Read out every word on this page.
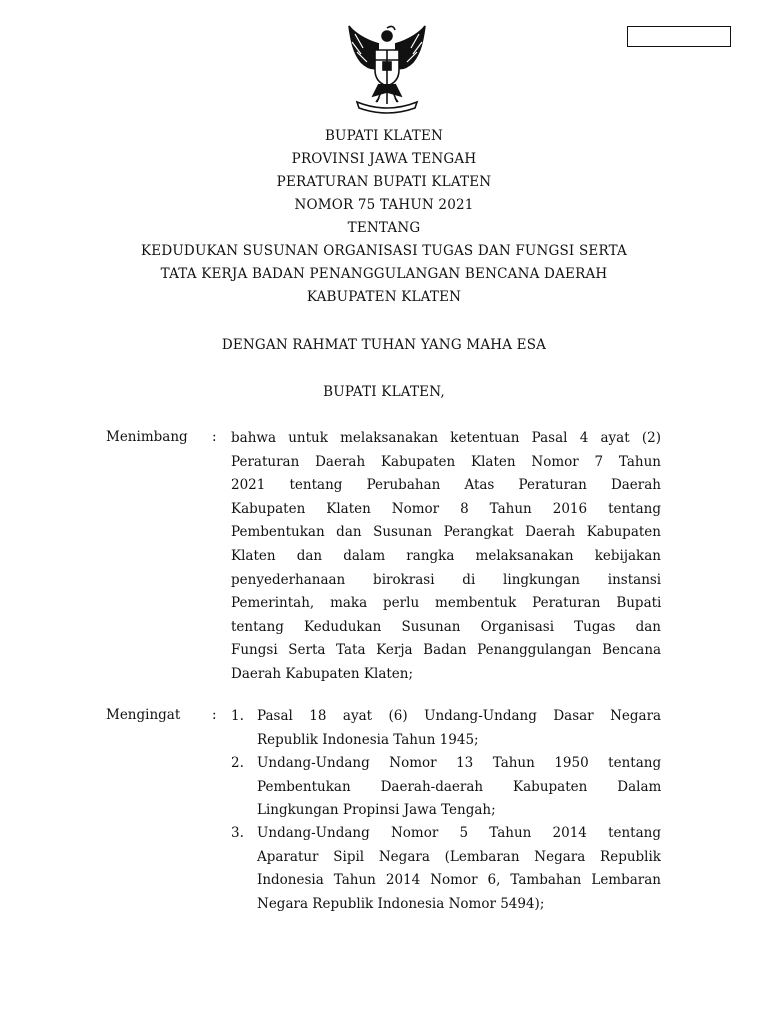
BUPATI KLATEN
PROVINSI JAWA TENGAH
PERATURAN BUPATI KLATEN
NOMOR 75 TAHUN 2021
TENTANG
KEDUDUKAN SUSUNAN ORGANISASI TUGAS DAN FUNGSI SERTA
TATA KERJA BADAN PENANGGULANGAN BENCANA DAERAH
KABUPATEN KLATEN
DENGAN RAHMAT TUHAN YANG MAHA ESA
BUPATI KLATEN,
Menimbang : bahwa untuk melaksanakan ketentuan Pasal 4 ayat (2)
Peraturan Daerah Kabupaten Klaten Nomor 7 Tahun
2021 tentang Perubahan Atas Peraturan Daerah
Kabupaten Klaten Nomor 8 Tahun 2016 tentang
Pembentukan dan Susunan Perangkat Daerah Kabupaten
Klaten dan dalam rangka melaksanakan kebijakan
penyederhanaan birokrasi di lingkungan instansi
Pemerintah, maka perlu membentuk Peraturan Bupati
tentang Kedudukan Susunan Organisasi Tugas dan
Fungsi Serta Tata Kerja Badan Penanggulangan Bencana
Daerah Kabupaten Klaten;
Mengingat : 1. Pasal 18 ayat (6) Undang-Undang Dasar Negara
Republik Indonesia Tahun 1945;
2. Undang-Undang Nomor 13 Tahun 1950 tentang
Pembentukan Daerah-daerah Kabupaten Dalam
Lingkungan Propinsi Jawa Tengah;
3. Undang-Undang Nomor 5 Tahun 2014 tentang
Aparatur Sipil Negara (Lembaran Negara Republik
Indonesia Tahun 2014 Nomor 6, Tambahan Lembaran
Negara Republik Indonesia Nomor 5494);
